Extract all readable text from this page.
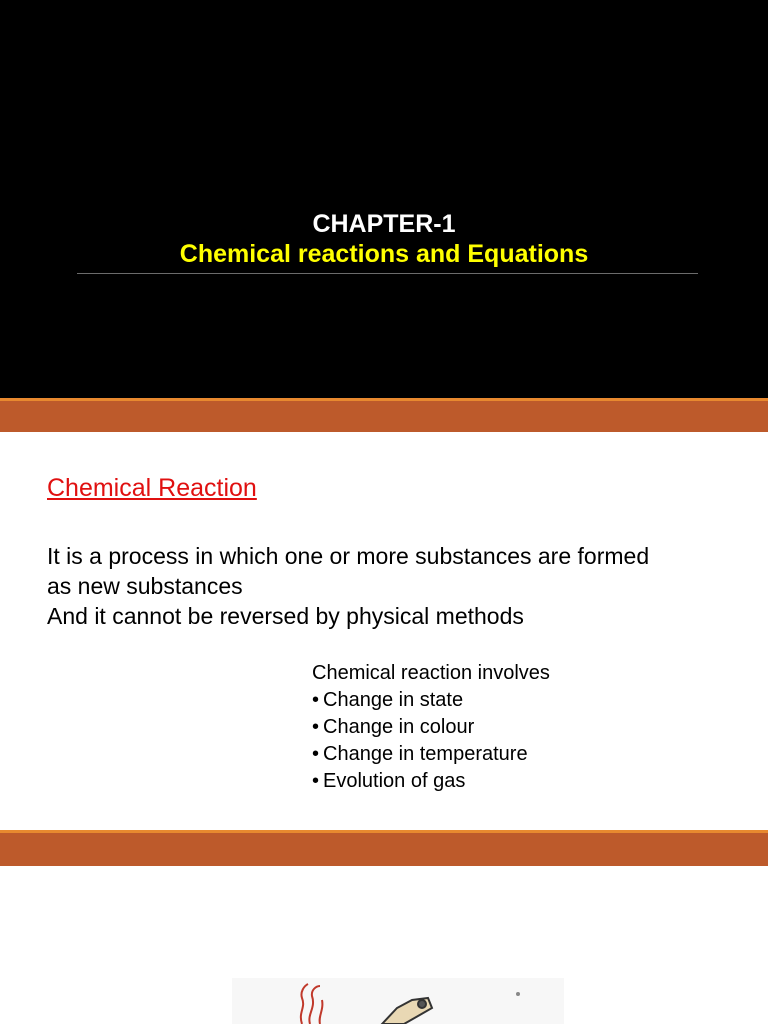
CHAPTER-1
Chemical reactions and Equations
Chemical Reaction
It is a process in which one or more substances are formed
as new substances
And it cannot be reversed by physical methods
Chemical reaction involves
• Change in state
• Change in colour
• Change in temperature
• Evolution of gas
